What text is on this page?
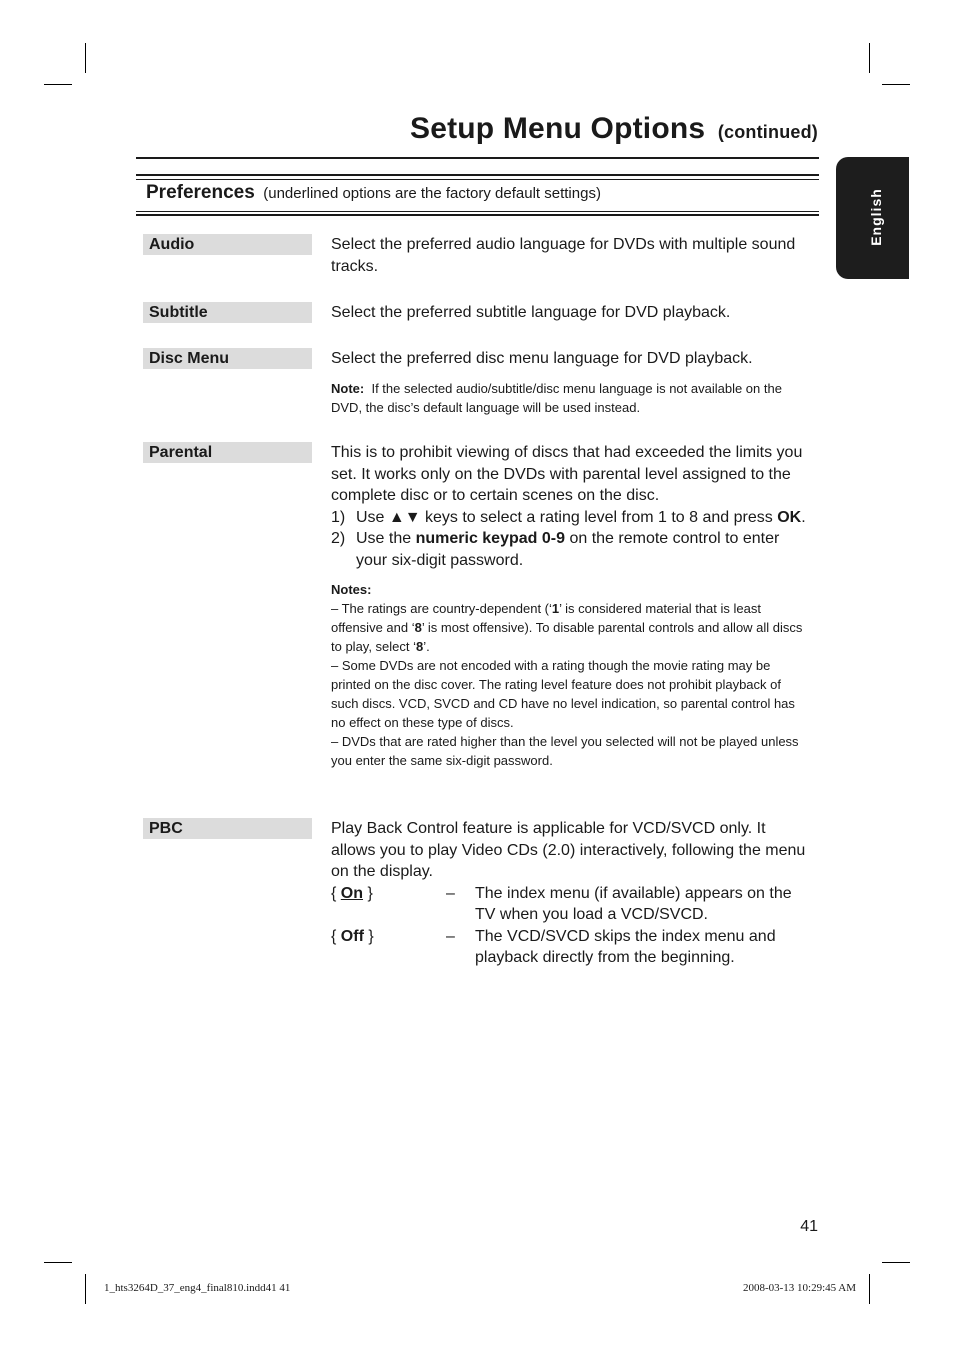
Setup Menu Options (continued)
English
Preferences (underlined options are the factory default settings)
Audio	Select the preferred audio language for DVDs with multiple sound tracks.

Subtitle	Select the preferred subtitle language for DVD playback.

Disc Menu	Select the preferred disc menu language for DVD playback.

Note: If the selected audio/subtitle/disc menu language is not available on the DVD, the disc’s default language will be used instead.

Parental	This is to prohibit viewing of discs that had exceeded the limits you set. It works only on the DVDs with parental level assigned to the complete disc or to certain scenes on the disc.

1) Use ▲▼ keys to select a rating level from 1 to 8 and press OK.

2) Use the numeric keypad 0-9 on the remote control to enter your six-digit password.

Notes:

– The ratings are country-dependent (‘1’ is considered material that is least offensive and ‘8’ is most offensive). To disable parental controls and allow all discs to play, select ‘8’.

– Some DVDs are not encoded with a rating though the movie rating may be printed on the disc cover. The rating level feature does not prohibit playback of such discs. VCD, SVCD and CD have no level indication, so parental control has no effect on these type of discs.

– DVDs that are rated higher than the level you selected will not be played unless you enter the same six-digit password.

PBC	Play Back Control feature is applicable for VCD/SVCD only. It allows you to play Video CDs (2.0) interactively, following the menu on the display.

{ On }	–	The index menu (if available) appears on the TV when you load a VCD/SVCD.

{ Off }	–	The VCD/SVCD skips the index menu and playback directly from the beginning.

41
1_hts3264D_37_eng4_final810.indd41 41	2008-03-13 10:29:45 AM
